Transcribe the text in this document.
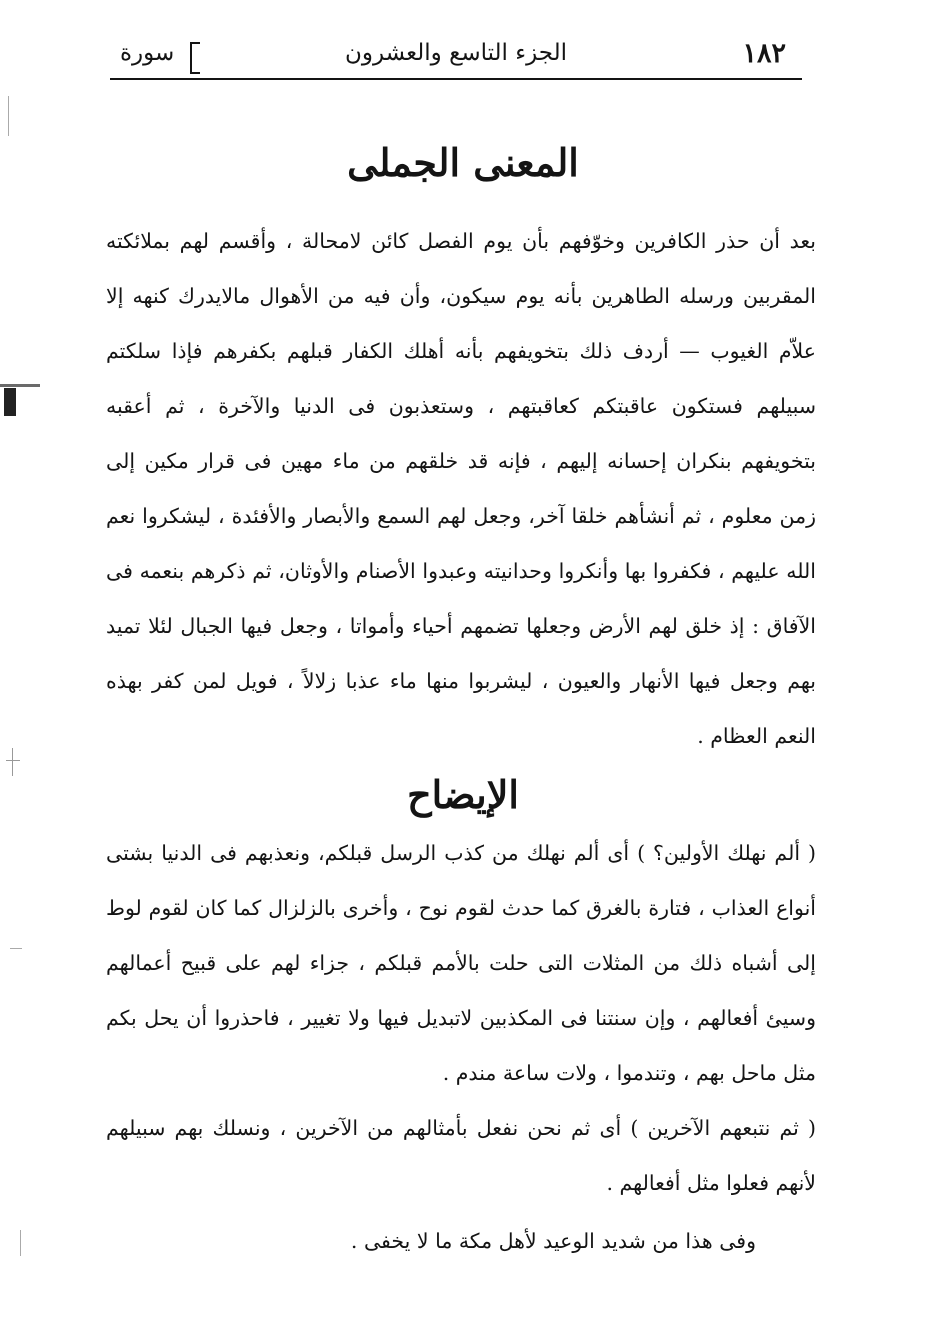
١٨٢
الجزء التاسع والعشرون
سورة
المعنى الجملى

بعد أن حذر الكافرين وخوّفهم بأن يوم الفصل كائن لامحالة ، وأقسم لهم بملائكته المقربين ورسله الطاهرين بأنه يوم سيكون، وأن فيه من الأهوال مالايدرك كنهه إلا علاّم الغيوب — أردف ذلك بتخويفهم بأنه أهلك الكفار قبلهم بكفرهم فإذا سلكتم سبيلهم فستكون عاقبتكم كعاقبتهم ، وستعذبون فى الدنيا والآخرة ، ثم أعقبه بتخويفهم بنكران إحسانه إليهم ، فإنه قد خلقهم من ماء مهين فى قرار مكين إلى زمن معلوم ، ثم أنشأهم خلقا آخر، وجعل لهم السمع والأبصار والأفئدة ، ليشكروا نعم الله عليهم ، فكفروا بها وأنكروا وحدانيته وعبدوا الأصنام والأوثان، ثم ذكرهم بنعمه فى الآفاق : إذ خلق لهم الأرض وجعلها تضمهم أحياء وأمواتا ، وجعل فيها الجبال لئلا تميد بهم وجعل فيها الأنهار والعيون ، ليشربوا منها ماء عذبا زلالاً ، فويل لمن كفر بهذه النعم العظام .

الإيضاح

( ألم نهلك الأولين؟ ) أى ألم نهلك من كذب الرسل قبلكم، ونعذبهم فى الدنيا بشتى أنواع العذاب ، فتارة بالغرق كما حدث لقوم نوح ، وأخرى بالزلزال كما كان لقوم لوط إلى أشباه ذلك من المثلات التى حلت بالأمم قبلكم ، جزاء لهم على قبيح أعمالهم وسيئ أفعالهم ، وإن سنتنا فى المكذبين لاتبديل فيها ولا تغيير ، فاحذروا أن يحل بكم مثل ماحل بهم ، وتندموا ، ولات ساعة مندم .

( ثم نتبعهم الآخرين ) أى ثم نحن نفعل بأمثالهم من الآخرين ، ونسلك بهم سبيلهم لأنهم فعلوا مثل أفعالهم .

وفى هذا من شديد الوعيد لأهل مكة ما لا يخفى .
